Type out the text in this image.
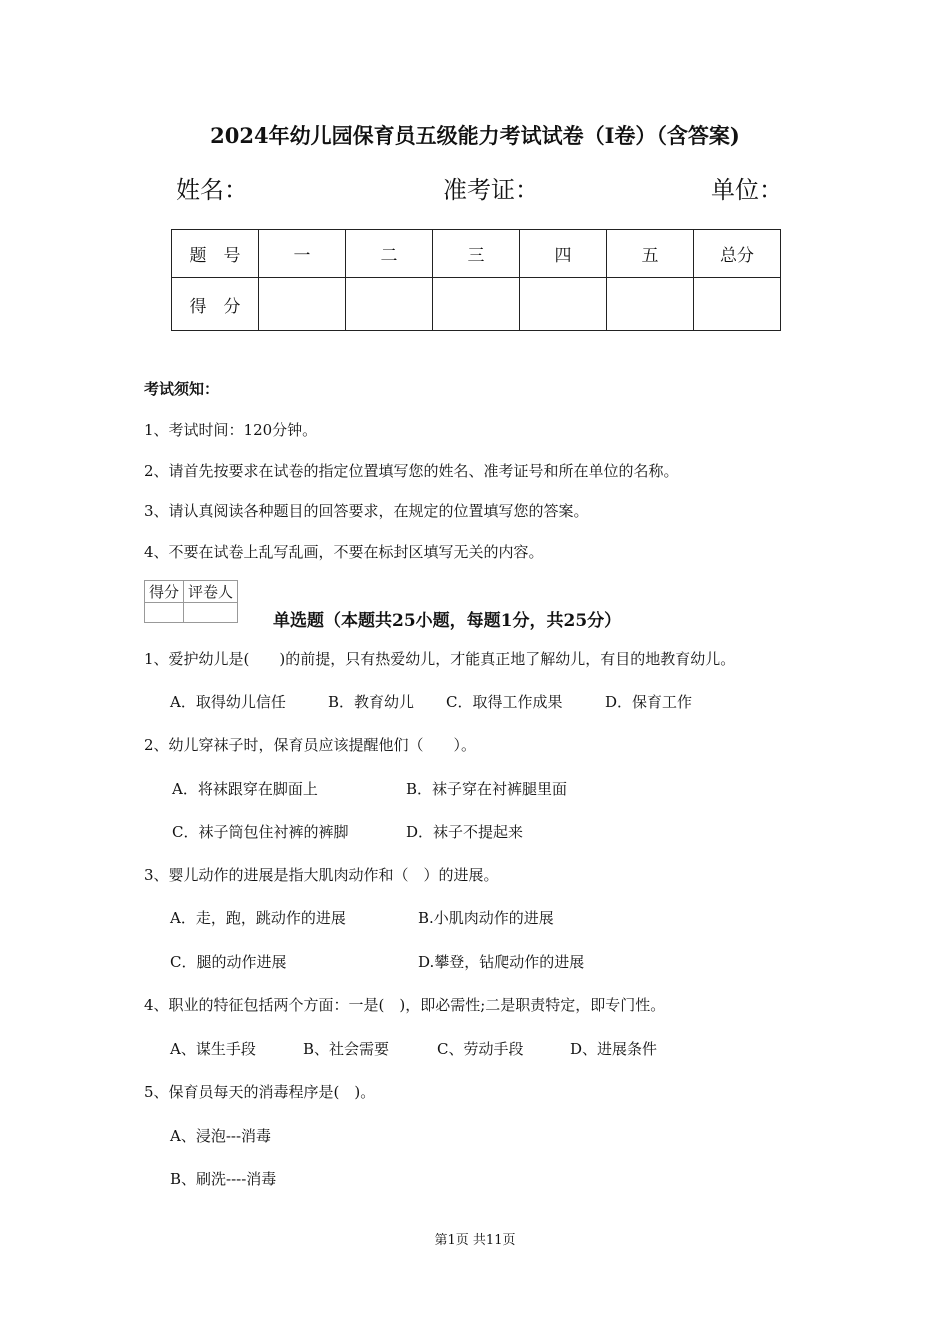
2024年幼儿园保育员五级能力考试试卷（I卷）（含答案)
姓名：	准考证：	单位：
题　号	一	二	三	四	五	总分
得　分						
考试须知：
1、考试时间：120分钟。
2、请首先按要求在试卷的指定位置填写您的姓名、准考证号和所在单位的名称。
3、请认真阅读各种题目的回答要求，在规定的位置填写您的答案。
4、不要在试卷上乱写乱画，不要在标封区填写无关的内容。
得分	评卷人

单选题（本题共25小题，每题1分，共25分）
1、爱护幼儿是(　　)的前提，只有热爱幼儿，才能真正地了解幼儿，有目的地教育幼儿。
A．取得幼儿信任	B．教育幼儿 C．取得工作成果	D．保育工作
2、幼儿穿袜子时，保育员应该提醒他们（　　）。
A．将袜跟穿在脚面上	B．袜子穿在衬裤腿里面
C．袜子筒包住衬裤的裤脚	D．袜子不提起来
3、婴儿动作的进展是指大肌肉动作和（　）的进展。
A．走，跑，跳动作的进展	B.小肌肉动作的进展
C．腿的动作进展	D.攀登，钻爬动作的进展
4、职业的特征包括两个方面：一是(　)，即必需性;二是职责特定，即专门性。
A、谋生手段	B、社会需要	C、劳动手段	D、进展条件
5、保育员每天的消毒程序是(　)。
A、浸泡---消毒
B、刷洗----消毒
第1页 共11页
